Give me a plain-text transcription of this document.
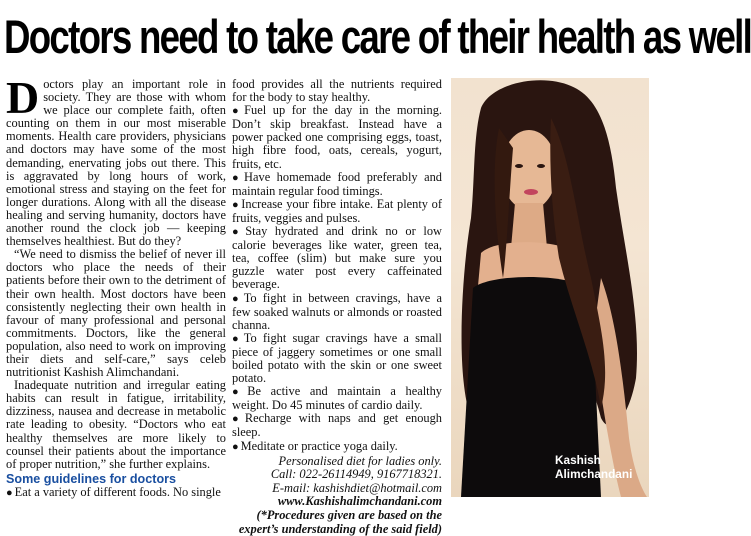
Doctors need to take care of their health as well

Doctors play an important role in society. They are those with whom we place our complete faith, often counting on them in our most miserable moments. Health care providers, physicians and doctors may have some of the most demanding, enervating jobs out there. This is aggravated by long hours of work, emotional stress and staying on the feet for longer durations. Along with all the disease healing and serving humanity, doctors have another round the clock job — keeping themselves healthiest. But do they?

“We need to dismiss the belief of never ill doctors who place the needs of their patients before their own to the detriment of their own health. Most doctors have been consistently neglecting their own health in favour of many professional and personal commitments. Doctors, like the general population, also need to work on improving their diets and self-care,” says celeb nutritionist Kashish Alimchandani.

Inadequate nutrition and irregular eating habits can result in fatigue, irritability, dizziness, nausea and decrease in metabolic rate leading to obesity. “Doctors who eat healthy themselves are more likely to counsel their patients about the importance of proper nutrition,” she further explains.

Some guidelines for doctors

● Eat a variety of different foods. No single

food provides all the nutrients required for the body to stay healthy.

● Fuel up for the day in the morning. Don’t skip breakfast. Instead have a power packed one comprising eggs, toast, high fibre food, oats, cereals, yogurt, fruits, etc.

● Have homemade food preferably and maintain regular food timings.

● Increase your fibre intake. Eat plenty of fruits, veggies and pulses.

● Stay hydrated and drink no or low calorie beverages like water, green tea, tea, coffee (slim) but make sure you guzzle water post every caffeinated beverage.

● To fight in between cravings, have a few soaked walnuts or almonds or roasted channa.

● To fight sugar cravings have a small piece of jaggery sometimes or one small boiled potato with the skin or one sweet potato.

● Be active and maintain a healthy weight. Do 45 minutes of cardio daily.

● Recharge with naps and get enough sleep.

● Meditate or practice yoga daily.

Personalised diet for ladies only.
Call: 022-26114949, 9167718321.
E-mail: kashishdiet@hotmail.com
www.Kashishalimchandani.com
(*Procedures given are based on the expert’s understanding of the said field)
Kashish
Alimchandani
